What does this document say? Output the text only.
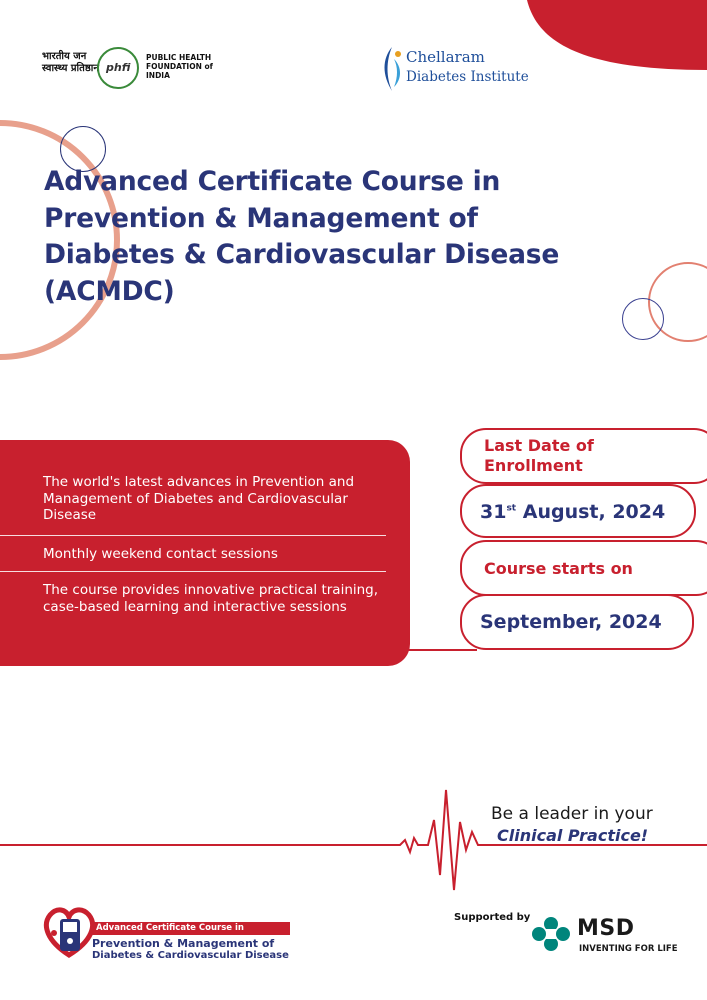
भारतीय जन स्वास्थ्य प्रतिष्ठान phfi
PUBLIC HEALTH FOUNDATION of INDIA
Chellaram
Diabetes Institute
Advanced Certificate Course in Prevention & Management of Diabetes & Cardiovascular Disease (ACMDC)
The world's latest advances in Prevention and Management of Diabetes and Cardiovascular Disease
Monthly weekend contact sessions
The course provides innovative practical training, case-based learning and interactive sessions
Last Date of Enrollment
31st August, 2024
Course starts on
September, 2024
Be a leader in your
Clinical Practice!
Advanced Certificate Course in
Prevention & Management of
Diabetes & Cardiovascular Disease
Supported by MSD
INVENTING FOR LIFE
